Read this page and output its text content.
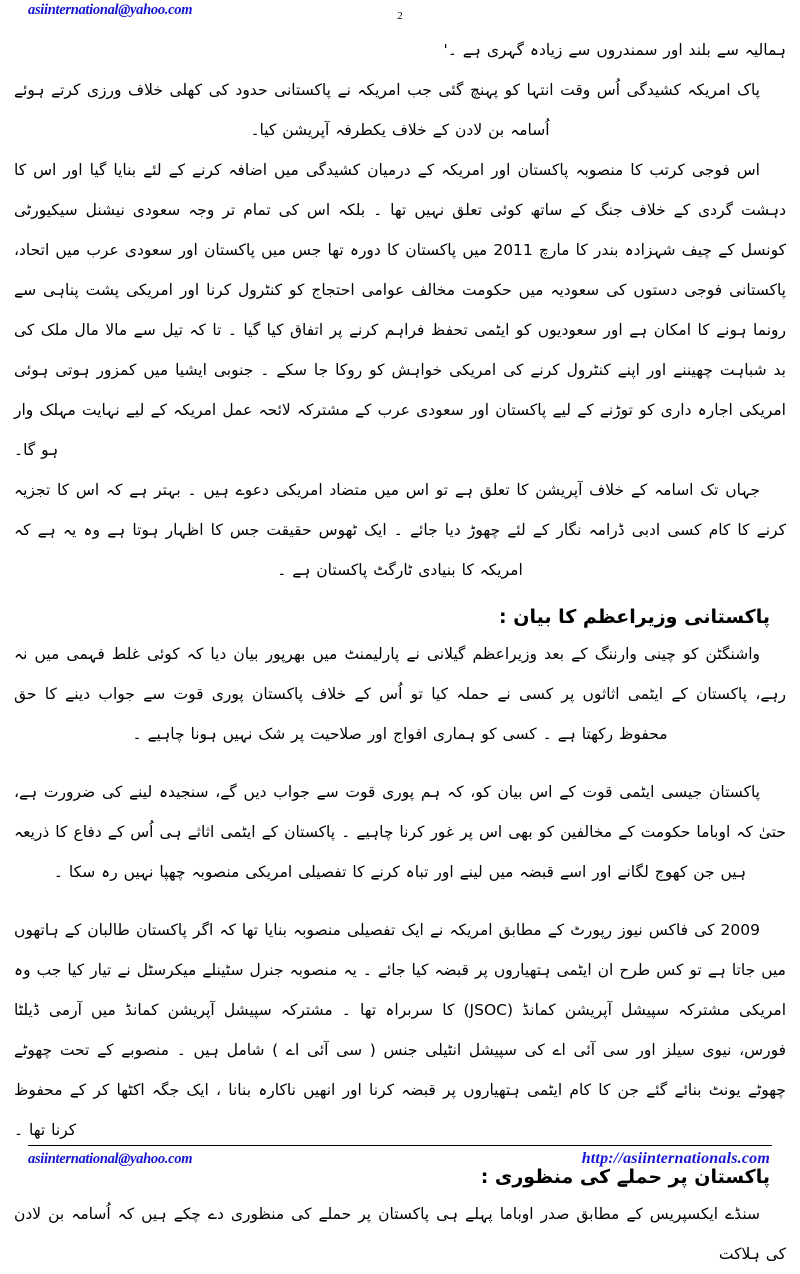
asiinternational@yahoo.com	2

ہمالیہ سے بلند اور سمندروں سے زیادہ گہری ہے ۔'

پاک امریکہ کشیدگی اُس وقت انتہا کو پہنچ گئی جب امریکہ نے پاکستانی حدود کی کھلی خلاف ورزی کرتے ہوئے اُسامہ بن لادن کے خلاف یکطرفہ آپریشن کیا۔

اس فوجی کرتب کا منصوبہ پاکستان اور امریکہ کے درمیان کشیدگی میں اضافہ کرنے کے لئے بنایا گیا اور اس کا دہشت گردی کے خلاف جنگ کے ساتھ کوئی تعلق نہیں تھا ۔ بلکہ اس کی تمام تر وجہ سعودی نیشنل سیکیورٹی کونسل کے چیف شہزادہ بندر کا مارچ 2011 میں پاکستان کا دورہ تھا جس میں پاکستان اور سعودی عرب میں اتحاد، پاکستانی فوجی دستوں کی سعودیہ میں حکومت مخالف عوامی احتجاج کو کنٹرول کرنا اور امریکی پشت پناہی سے رونما ہونے کا امکان ہے اور سعودیوں کو ایٹمی تحفظ فراہم کرنے پر اتفاق کیا گیا ۔ تا کہ تیل سے مالا مال ملک کی بد شباہت چھیننے اور اپنے کنٹرول کرنے کی امریکی خواہش کو روکا جا سکے ۔ جنوبی ایشیا میں کمزور ہوتی ہوئی امریکی اجارہ داری کو توڑنے کے لیے پاکستان اور سعودی عرب کے مشترکہ لائحہ عمل امریکہ کے لیے نہایت مہلک وار ہو گا۔

جہاں تک اسامہ کے خلاف آپریشن کا تعلق ہے تو اس میں متضاد امریکی دعوے ہیں ۔ بہتر ہے کہ اس کا تجزیہ کرنے کا کام کسی ادبی ڈرامہ نگار کے لئے چھوڑ دیا جائے ۔ ایک ٹھوس حقیقت جس کا اظہار ہوتا ہے وہ یہ ہے کہ امریکہ کا بنیادی ٹارگٹ پاکستان ہے ۔

پاکستانی وزیراعظم کا بیان :

واشنگٹن کو چینی وارننگ کے بعد وزیراعظم گیلانی نے پارلیمنٹ میں بھرپور بیان دیا کہ کوئی غلط فہمی میں نہ رہے، پاکستان کے ایٹمی اثاثوں پر کسی نے حملہ کیا تو اُس کے خلاف پاکستان پوری قوت سے جواب دینے کا حق محفوظ رکھتا ہے ۔ کسی کو ہماری افواج اور صلاحیت پر شک نہیں ہونا چاہیے ۔

پاکستان جیسی ایٹمی قوت کے اس بیان کو، کہ ہم پوری قوت سے جواب دیں گے، سنجیدہ لینے کی ضرورت ہے، حتیٰ کہ اوباما حکومت کے مخالفین کو بھی اس پر غور کرنا چاہیے ۔ پاکستان کے ایٹمی اثاثے ہی اُس کے دفاع کا ذریعہ ہیں جن کھوج لگانے اور اسے قبضہ میں لینے اور تباہ کرنے کا تفصیلی امریکی منصوبہ چھپا نہیں رہ سکا ۔

2009 کی فاکس نیوز رپورٹ کے مطابق امریکہ نے ایک تفصیلی منصوبہ بنایا تھا کہ اگر پاکستان طالبان کے ہاتھوں میں جاتا ہے تو کس طرح ان ایٹمی ہتھیاروں پر قبضہ کیا جائے ۔ یہ منصوبہ جنرل سٹینلے میکرسٹل نے تیار کیا جب وہ امریکی مشترکہ سپیشل آپریشن کمانڈ (JSOC) کا سربراہ تھا ۔ مشترکہ سپیشل آپریشن کمانڈ میں آرمی ڈیلٹا فورس، نیوی سیلز اور سی آئی اے کی سپیشل انٹیلی جنس ( سی آئی اے ) شامل ہیں ۔ منصوبے کے تحت چھوٹے چھوٹے یونٹ بنائے گئے جن کا کام ایٹمی ہتھیاروں پر قبضہ کرنا اور انھیں ناکارہ بنانا ، ایک جگہ اکٹھا کر کے محفوظ کرنا تھا ۔

پاکستان پر حملے کی منظوری :

سنڈے ایکسپریس کے مطابق صدر اوباما پہلے ہی پاکستان پر حملے کی منظوری دے چکے ہیں کہ اُسامہ بن لادن کی ہلاکت

asiinternational@yahoo.com	http://asiinternationals.com
